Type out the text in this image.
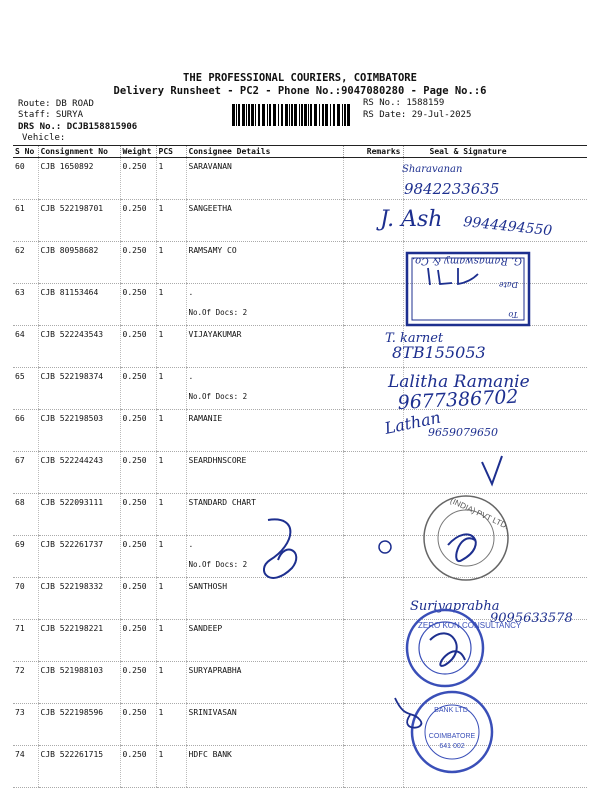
THE PROFESSIONAL COURIERS, COIMBATORE
Delivery Runsheet - PC2 - Phone No.:9047080280 - Page No.:6
Route: DB ROAD
Staff: SURYA
DRS No.: DCJB158815906
Vehicle:
RS No.: 1588159
RS Date: 29-Jul-2025
S No	Consignment No	Weight	PCS	Consignee Details	Remarks	Seal & Signature

60	CJB 1650892	0.250	1	SARAVANAN		

61	CJB 522198701	0.250	1	SANGEETHA		

62	CJB 80958682	0.250	1	RAMSAMY CO		

63	CJB 81153464	0.250	1	.
No.Of Docs: 2		

64	CJB 522243543	0.250	1	VIJAYAKUMAR		

65	CJB 522198374	0.250	1	.
No.Of Docs: 2		

66	CJB 522198503	0.250	1	RAMANIE		

67	CJB 522244243	0.250	1	SEARDHNSCORE		

68	CJB 522093111	0.250	1	STANDARD CHART		

69	CJB 522261737	0.250	1	.
No.Of Docs: 2		

70	CJB 522198332	0.250	1	SANTHOSH		

71	CJB 522198221	0.250	1	SANDEEP		

72	CJB 521988103	0.250	1	SURYAPRABHA		

73	CJB 522198596	0.250	1	SRINIVASAN		

74	CJB 522261715	0.250	1	HDFC BANK		

Sharavanan
9842233635
J. Ash 9944494550
To
Date
G. Ramaswamy & Co.
T. karnet
8TB155053
Lalitha Ramanie
9677386702
Lathan
9659079650
(INDIA) PVT LTD.
Suriyaprabha
9095633578
ZERO KON CONSULTANCY
BANK LTD.
COIMBATORE
641 002
